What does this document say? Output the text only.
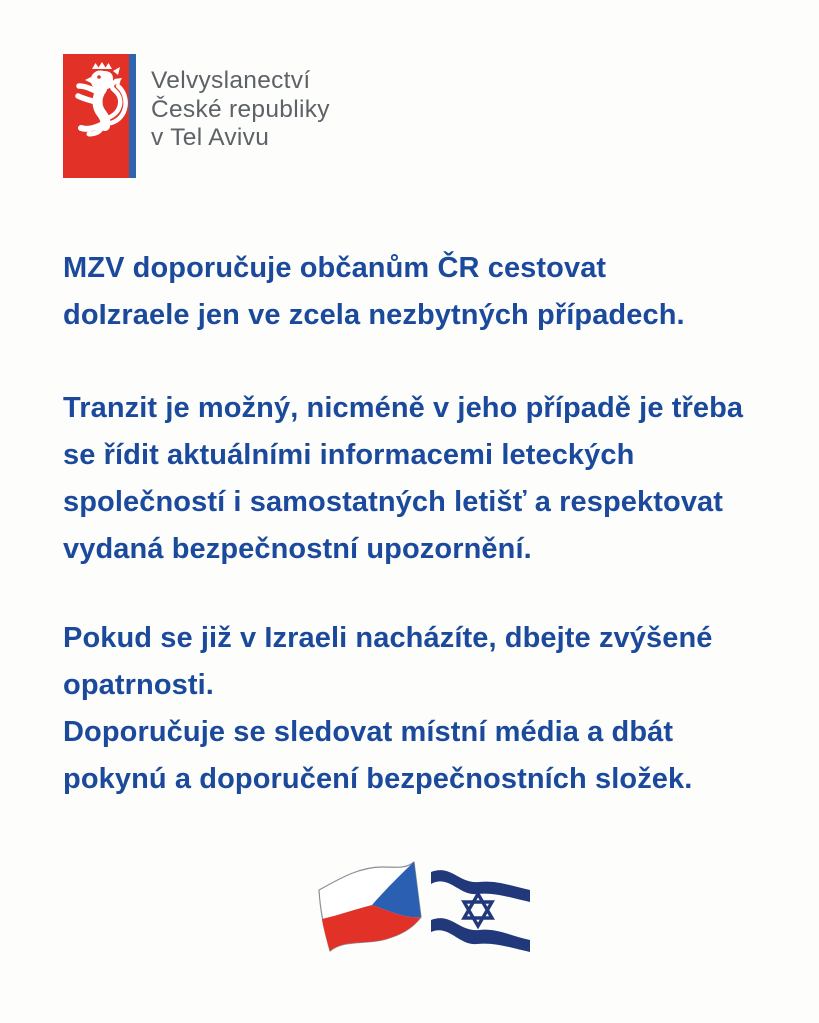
Velvyslanectví
České republiky
v Tel Avivu
MZV doporučuje občanům ČR cestovat
doIzraele jen ve zcela nezbytných případech.
Tranzit je možný, nicméně v jeho případě je třeba
se řídit aktuálními informacemi leteckých
společností i samostatných letišť a respektovat
vydaná bezpečnostní upozornění.
Pokud se již v Izraeli nacházíte, dbejte zvýšené
opatrnosti.
Doporučuje se sledovat místní média a dbát
pokynú a doporučení bezpečnostních složek.
